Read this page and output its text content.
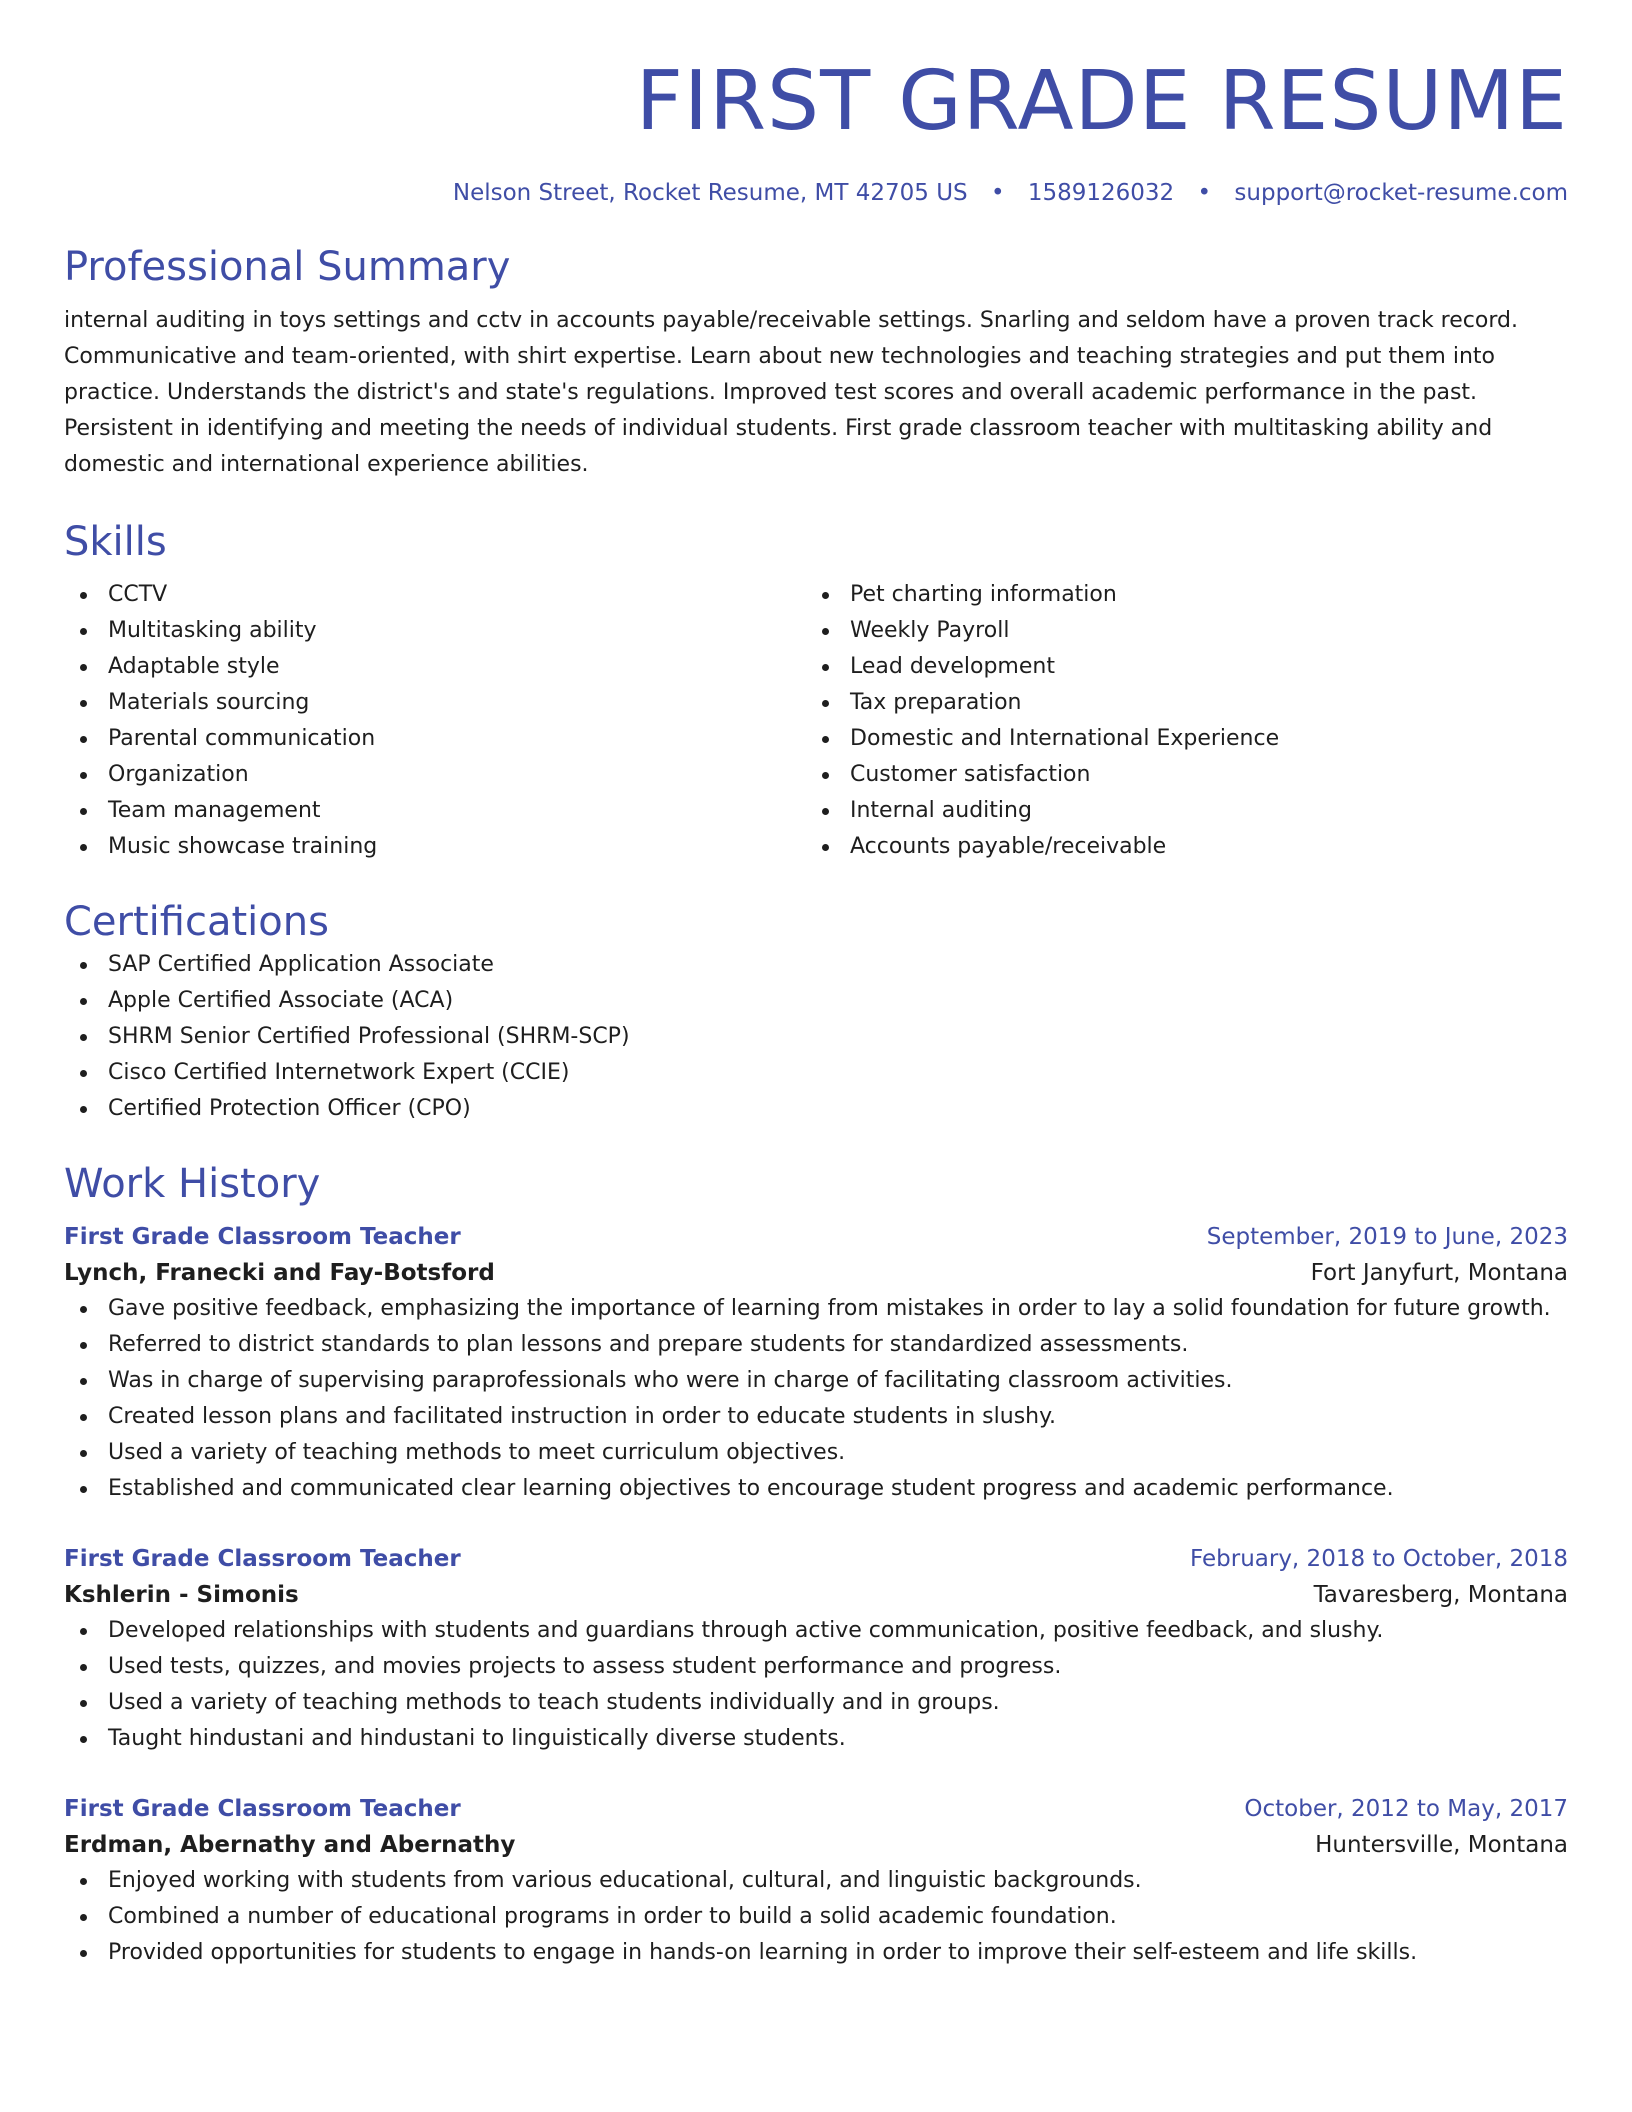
FIRST GRADE RESUME
Nelson Street, Rocket Resume, MT 42705 US • 1589126032 • support@rocket-resume.com
Professional Summary

internal auditing in toys settings and cctv in accounts payable/receivable settings. Snarling and seldom have a proven track record. Communicative and team-oriented, with shirt expertise. Learn about new technologies and teaching strategies and put them into practice. Understands the district's and state's regulations. Improved test scores and overall academic performance in the past. Persistent in identifying and meeting the needs of individual students. First grade classroom teacher with multitasking ability and domestic and international experience abilities.

Skills
CCTV
Multitasking ability
Adaptable style
Materials sourcing
Parental communication
Organization
Team management
Music showcase training
Pet charting information
Weekly Payroll
Lead development
Tax preparation
Domestic and International Experience
Customer satisfaction
Internal auditing
Accounts payable/receivable
Certifications
SAP Certified Application Associate
Apple Certified Associate (ACA)
SHRM Senior Certified Professional (SHRM-SCP)
Cisco Certified Internetwork Expert (CCIE)
Certified Protection Officer (CPO)
Work History
First Grade Classroom Teacher	September, 2019 to June, 2023
Lynch, Franecki and Fay-Botsford	Fort Janyfurt, Montana
Gave positive feedback, emphasizing the importance of learning from mistakes in order to lay a solid foundation for future growth.
Referred to district standards to plan lessons and prepare students for standardized assessments.
Was in charge of supervising paraprofessionals who were in charge of facilitating classroom activities.
Created lesson plans and facilitated instruction in order to educate students in slushy.
Used a variety of teaching methods to meet curriculum objectives.
Established and communicated clear learning objectives to encourage student progress and academic performance.
First Grade Classroom Teacher	February, 2018 to October, 2018
Kshlerin - Simonis	Tavaresberg, Montana
Developed relationships with students and guardians through active communication, positive feedback, and slushy.
Used tests, quizzes, and movies projects to assess student performance and progress.
Used a variety of teaching methods to teach students individually and in groups.
Taught hindustani and hindustani to linguistically diverse students.
First Grade Classroom Teacher	October, 2012 to May, 2017
Erdman, Abernathy and Abernathy	Huntersville, Montana
Enjoyed working with students from various educational, cultural, and linguistic backgrounds.
Combined a number of educational programs in order to build a solid academic foundation.
Provided opportunities for students to engage in hands-on learning in order to improve their self-esteem and life skills.
